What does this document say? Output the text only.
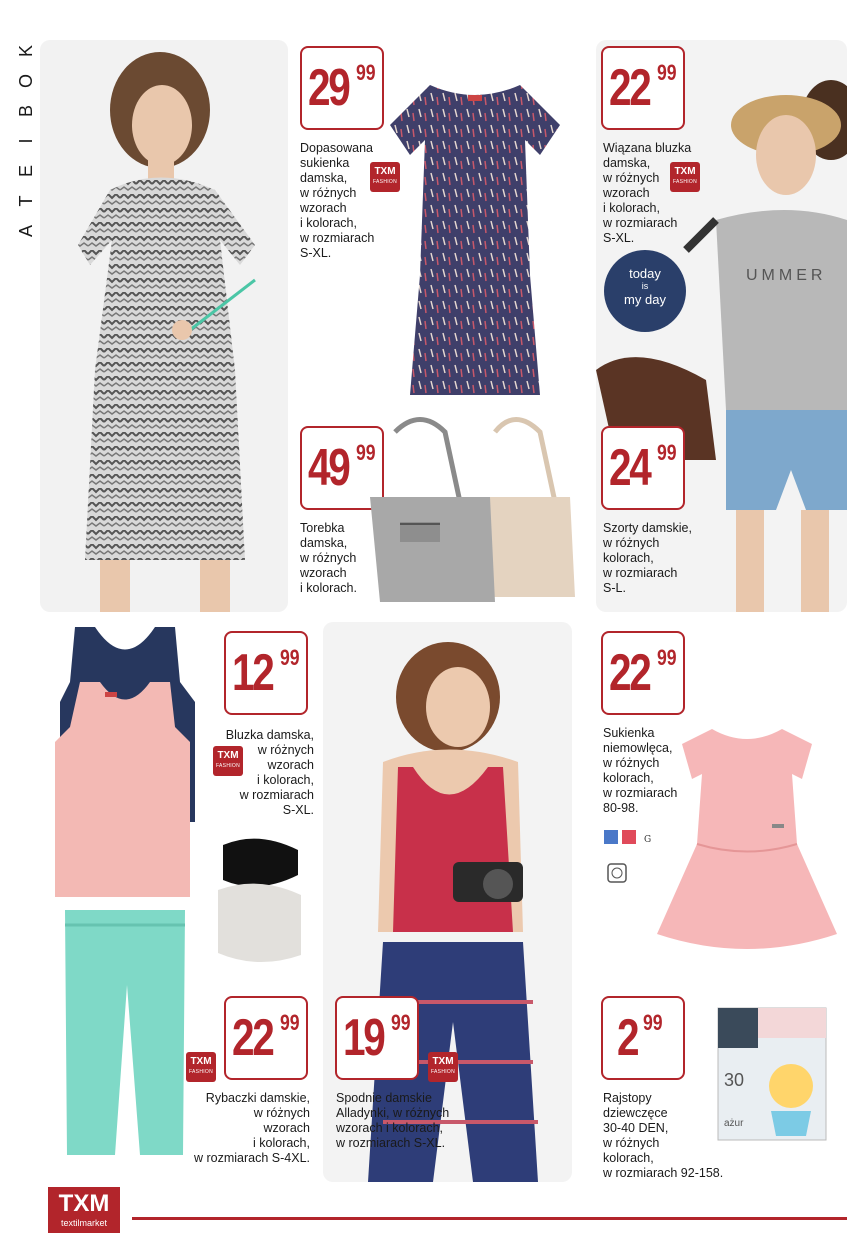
K
O
B
I
E
T
A
29 99
Dopasowana
sukienka
damska,
w różnych
wzorach
i kolorach,
w rozmiarach
S-XL.
TXM
FASHION
UMMER
22 99
Wiązana bluzka
damska,
w różnych
wzorach
i kolorach,
w rozmiarach
S-XL.
TXM
FASHION
today
is
my day
49 99
Torebka
damska,
w różnych
wzorach
i kolorach.
24 99
Szorty damskie,
w różnych
kolorach,
w rozmiarach
S-L.
12 99
Bluzka damska,
w różnych
wzorach
i kolorach,
w rozmiarach
S-XL.
TXM
FASHION
22 99
Sukienka
niemowlęca,
w różnych
kolorach,
w rozmiarach
80-98.
G
22 99
TXM
FASHION
Rybaczki damskie,
w różnych
wzorach
i kolorach,
w rozmiarach S-4XL.
19 99
TXM
FASHION
Spodnie damskie
Alladynki, w różnych
wzorach i kolorach,
w rozmiarach S-XL.
2 99
Rajstopy
dziewczęce
30-40 DEN,
w różnych
kolorach,
w rozmiarach 92-158.
30
ażur
TXM
textilmarket
